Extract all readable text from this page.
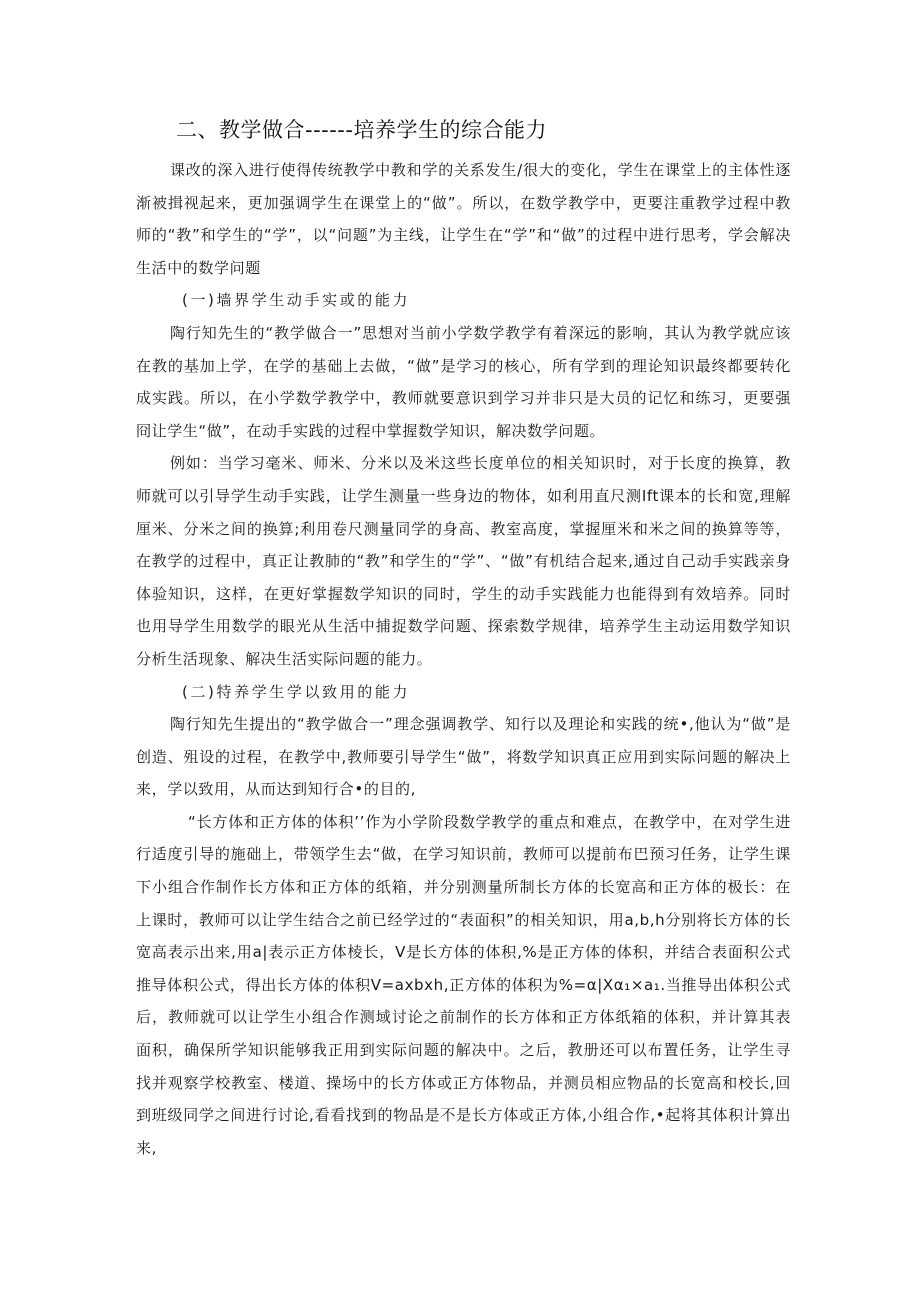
二、教学做合------培养学生的综合能力

课改的深入进行使得传统教学中教和学的关系发生/很大的变化，学生在课堂上的主体性逐渐被揖视起来，更加强调学生在课堂上的“做”。所以，在数学教学中，更要注重教学过程中教师的“教”和学生的“学”，以“问题”为主线，让学生在“学”和“做”的过程中进行思考，学会解决生活中的数学问题

(一)墙界学生动手实或的能力

陶行知先生的“教学做合一”思想对当前小学数学教学有着深远的影响，其认为教学就应该在教的基加上学，在学的基础上去做，“做”是学习的核心，所有学到的理论知识最终都要转化成实践。所以，在小学数学教学中，教师就要意识到学习并非只是大员的记忆和练习，更要强冏让学生“做”，在动手实践的过程中掌握数学知识，解决数学问题。

例如：当学习毫米、师米、分米以及米这些长度单位的相关知识时，对于长度的换算，教师就可以引导学生动手实践，让学生测量一些身边的物体，如利用直尺测Ift课本的长和宽,理解厘米、分米之间的换算;利用卷尺测量同学的身高、教室高度，掌握厘米和米之间的换算等等，在教学的过程中，真正让教肺的“教”和学生的“学”、“做”有机结合起来,通过自己动手实践亲身体验知识，这样，在更好掌握数学知识的同时，学生的动手实践能力也能得到有效培养。同时也用导学生用数学的眼光从生活中捕捉数学问题、探索数学规律，培养学生主动运用数学知识分析生活现象、解决生活实际问题的能力。

(二)特养学生学以致用的能力

陶行知先生提出的“教学做合一”理念强调教学、知行以及理论和实践的统•,他认为“做”是创造、殂设的过程，在教学中,教师要引导学生“做”，将数学知识真正应用到实际问题的解决上来，学以致用，从而达到知行合•的目的,

“长方体和正方体的体积’’作为小学阶段数学教学的重点和难点，在教学中，在对学生进行适度引导的施础上，带领学生去“做，在学习知识前，教师可以提前布巴预习任务，让学生课下小组合作制作长方体和正方体的纸箱，并分别测量所制长方体的长宽高和正方体的极长：在上课时，教师可以让学生结合之前已经学过的“表面积”的相关知识，用a,b,h分别将长方体的长宽高表示出来,用a|表示正方体棱长，V是长方体的体积,%是正方体的体积，并结合表面积公式推导体积公式，得出长方体的体积V=axbxh,正方体的体积为%=α|Xα₁×a₁.当推导出体积公式后，教师就可以让学生小组合作测域讨论之前制作的长方体和正方体纸箱的体积，并计算其表面积，确保所学知识能够我正用到实际问题的解决中。之后，教册还可以布置任务，让学生寻找并观察学校教室、楼道、操场中的长方体或正方体物品，并测员相应物品的长宽高和校长,回到班级同学之间进行讨论,看看找到的物品是不是长方体或正方体,小组合作,•起将其体积计算出来,
